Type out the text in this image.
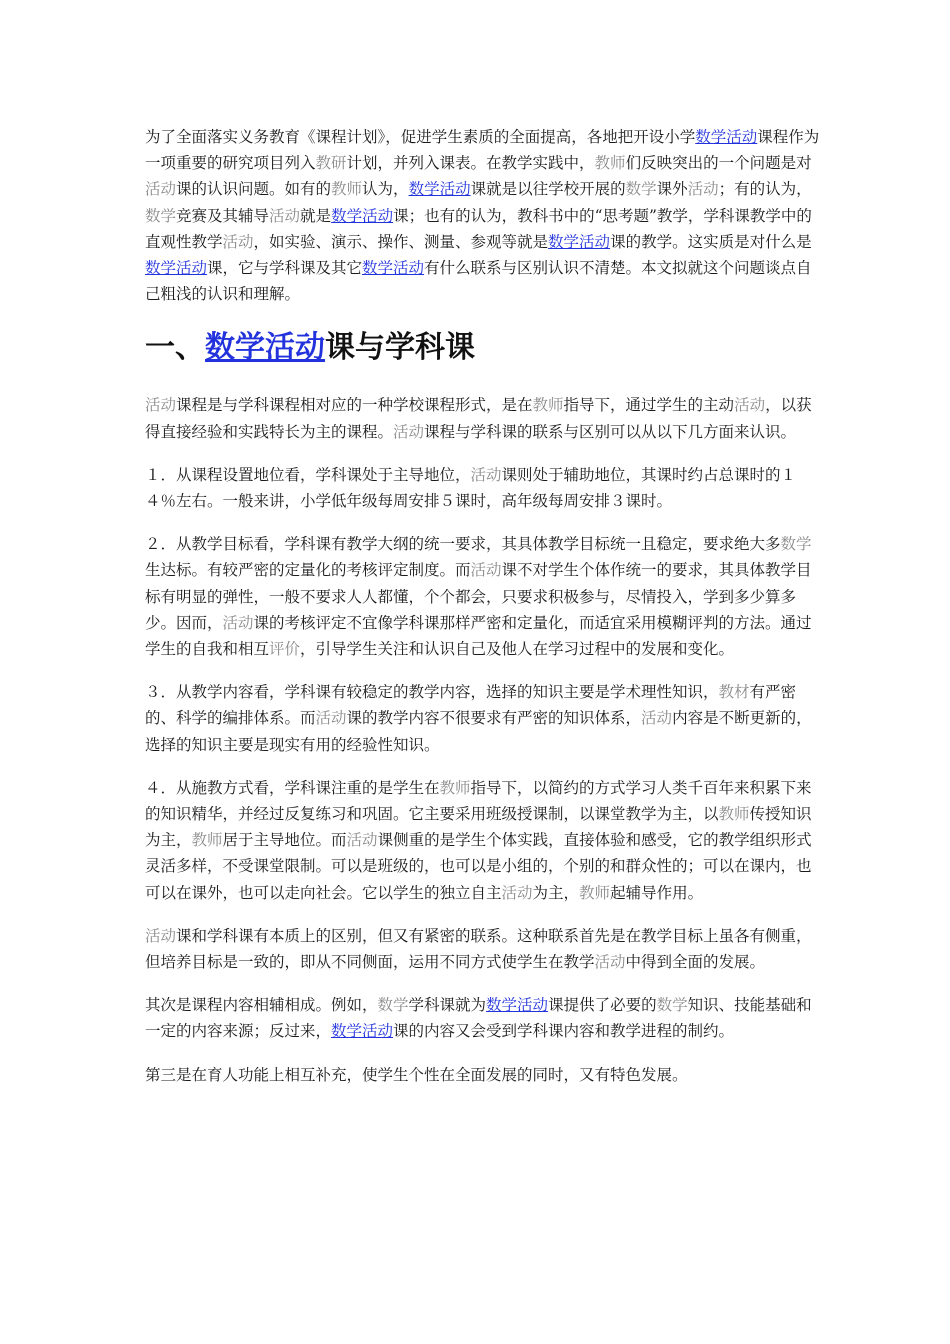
为了全面落实义务教育《课程计划》，促进学生素质的全面提高，各地把开设小学数学活动课程作为一项重要的研究项目列入教研计划，并列入课表。在教学实践中，教师们反映突出的一个问题是对活动课的认识问题。如有的教师认为，数学活动课就是以往学校开展的数学课外活动；有的认为，数学竞赛及其辅导活动就是数学活动课；也有的认为，教科书中的“思考题”教学，学科课教学中的直观性教学活动，如实验、演示、操作、测量、参观等就是数学活动课的教学。这实质是对什么是数学活动课，它与学科课及其它数学活动有什么联系与区别认识不清楚。本文拟就这个问题谈点自己粗浅的认识和理解。

一、数学活动课与学科课

活动课程是与学科课程相对应的一种学校课程形式，是在教师指导下，通过学生的主动活动，以获得直接经验和实践特长为主的课程。活动课程与学科课的联系与区别可以从以下几方面来认识。

１．从课程设置地位看，学科课处于主导地位，活动课则处于辅助地位，其课时约占总课时的１４％左右。一般来讲，小学低年级每周安排５课时，高年级每周安排３课时。

２．从教学目标看，学科课有教学大纲的统一要求，其具体教学目标统一且稳定，要求绝大多数学生达标。有较严密的定量化的考核评定制度。而活动课不对学生个体作统一的要求，其具体教学目标有明显的弹性，一般不要求人人都懂，个个都会，只要求积极参与，尽情投入，学到多少算多少。因而，活动课的考核评定不宜像学科课那样严密和定量化，而适宜采用模糊评判的方法。通过学生的自我和相互评价，引导学生关注和认识自己及他人在学习过程中的发展和变化。

３．从教学内容看，学科课有较稳定的教学内容，选择的知识主要是学术理性知识，教材有严密的、科学的编排体系。而活动课的教学内容不很要求有严密的知识体系，活动内容是不断更新的，选择的知识主要是现实有用的经验性知识。

４．从施教方式看，学科课注重的是学生在教师指导下，以简约的方式学习人类千百年来积累下来的知识精华，并经过反复练习和巩固。它主要采用班级授课制，以课堂教学为主，以教师传授知识为主，教师居于主导地位。而活动课侧重的是学生个体实践，直接体验和感受，它的教学组织形式灵活多样，不受课堂限制。可以是班级的，也可以是小组的，个别的和群众性的；可以在课内，也可以在课外，也可以走向社会。它以学生的独立自主活动为主，教师起辅导作用。

活动课和学科课有本质上的区别，但又有紧密的联系。这种联系首先是在教学目标上虽各有侧重，但培养目标是一致的，即从不同侧面，运用不同方式使学生在教学活动中得到全面的发展。

其次是课程内容相辅相成。例如，数学学科课就为数学活动课提供了必要的数学知识、技能基础和一定的内容来源；反过来，数学活动课的内容又会受到学科课内容和教学进程的制约。

第三是在育人功能上相互补充，使学生个性在全面发展的同时，又有特色发展。
